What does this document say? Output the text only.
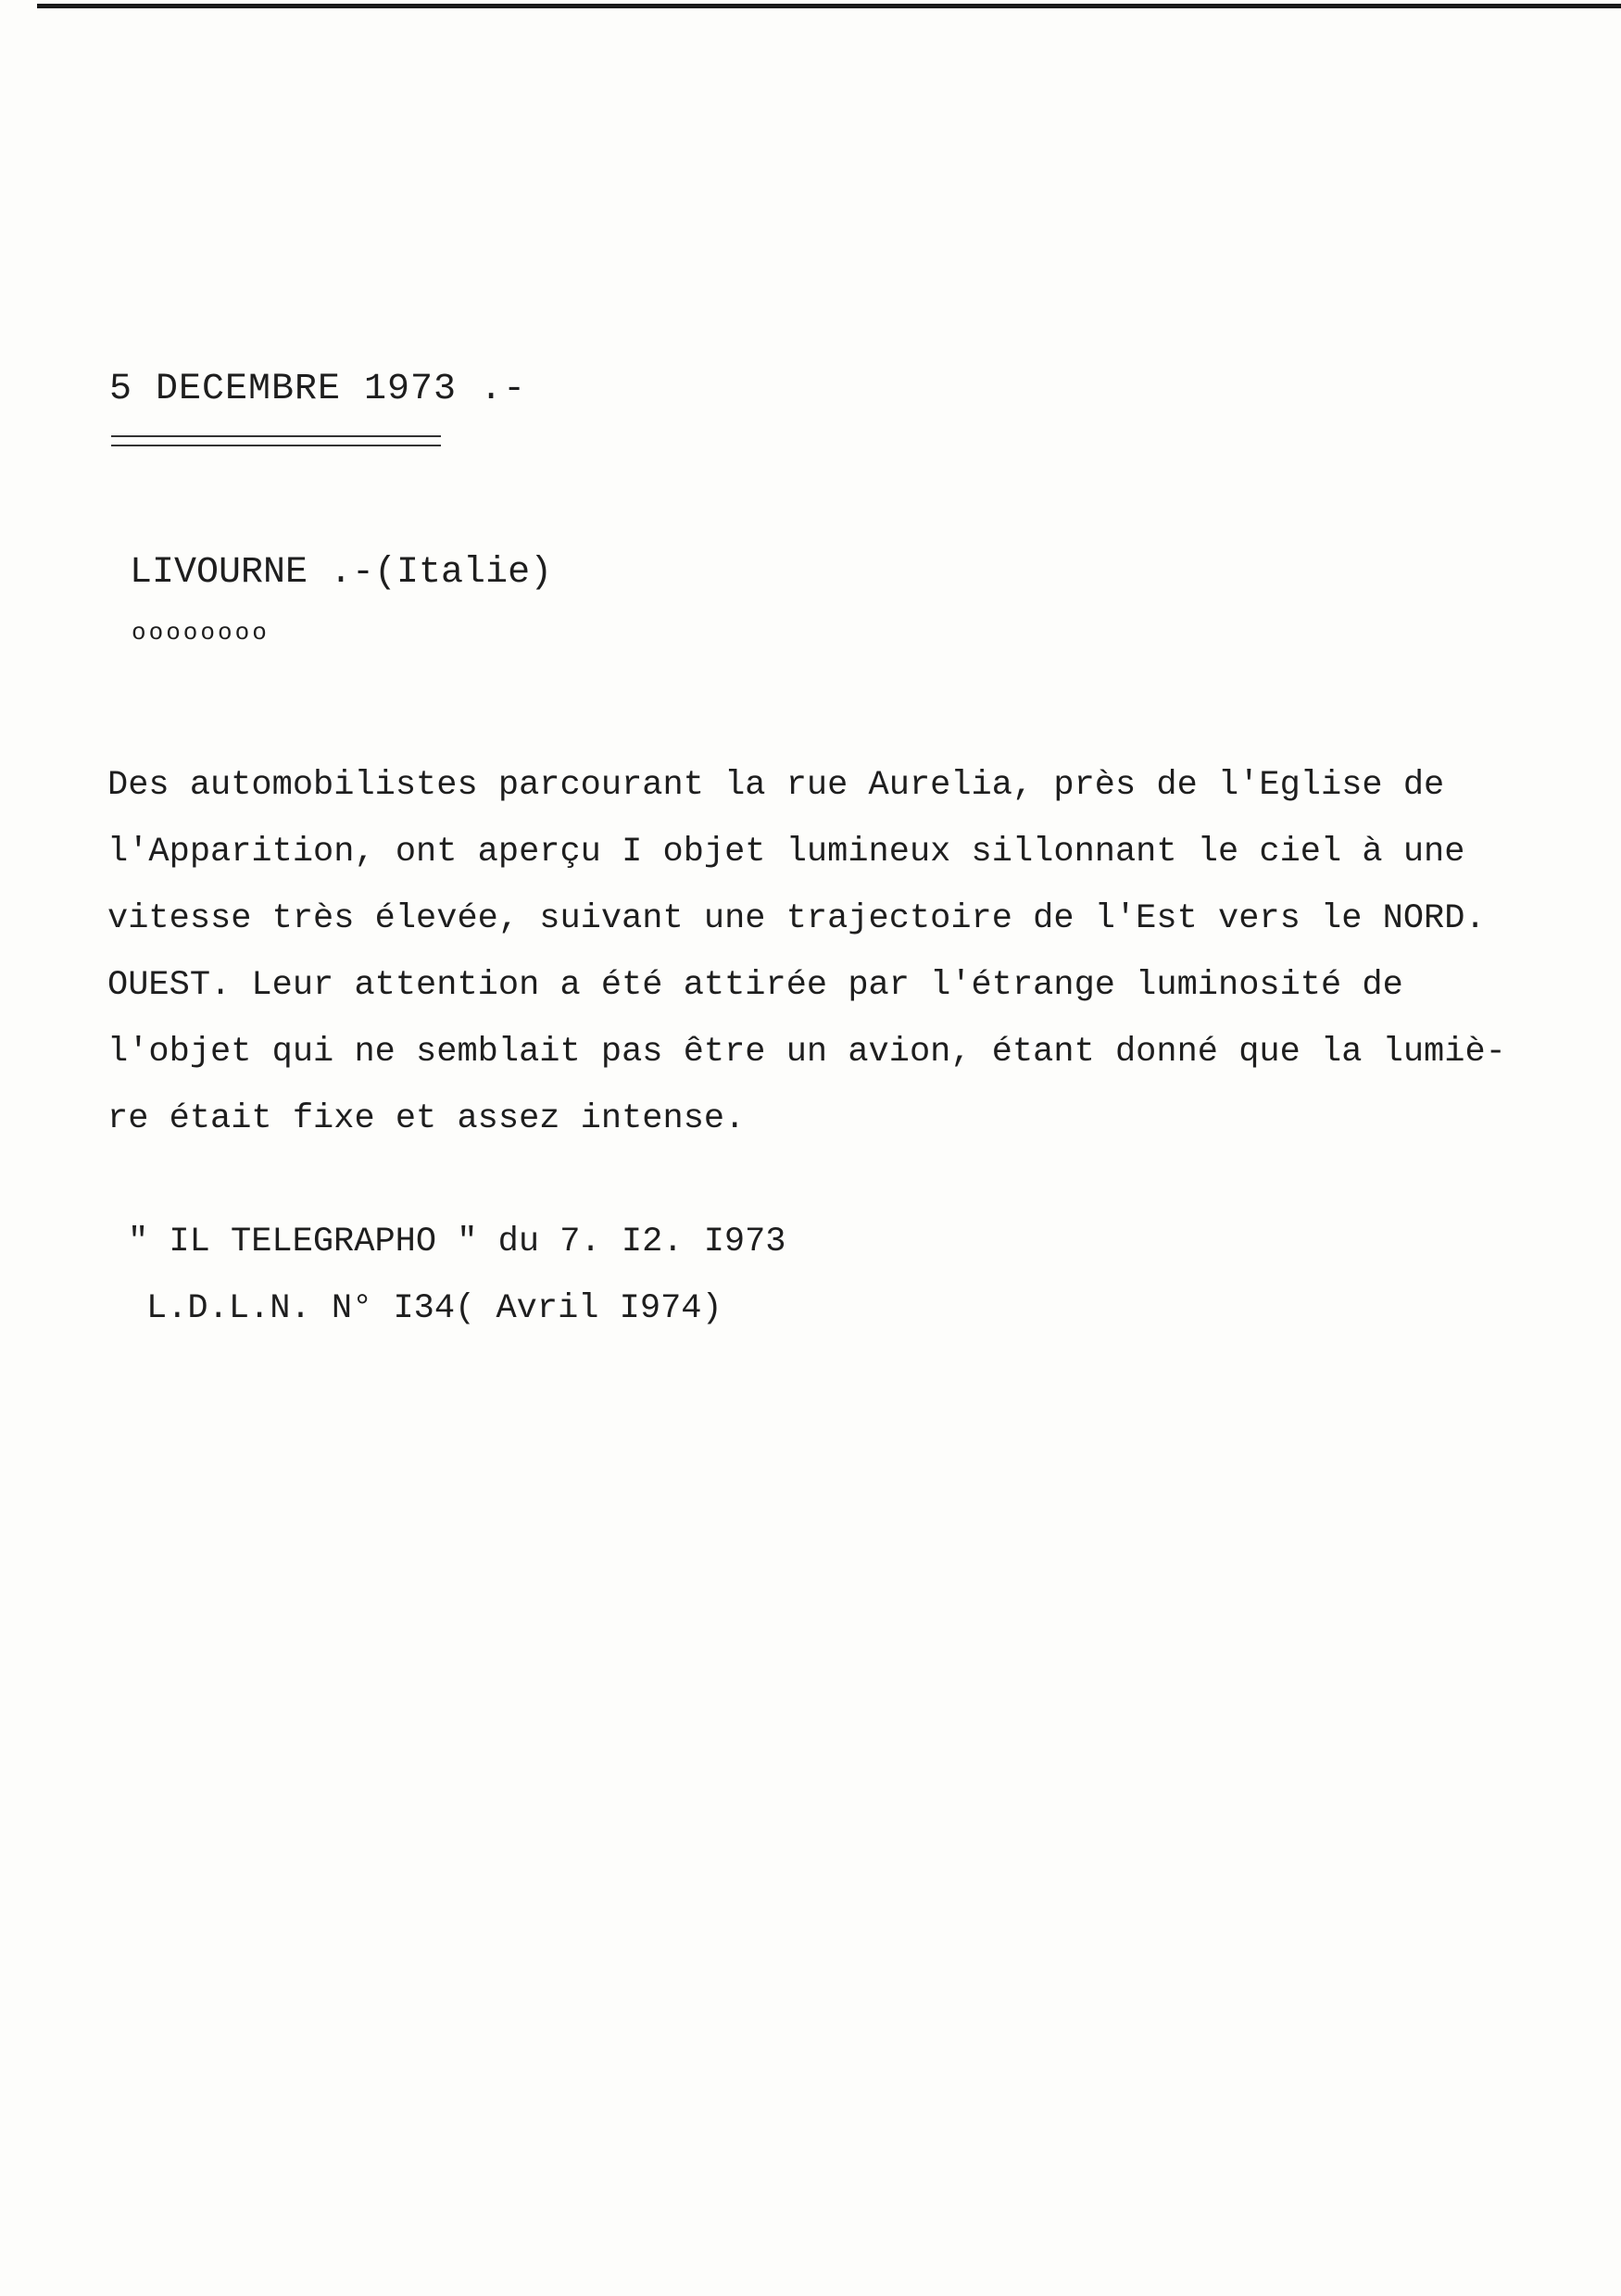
5 DECEMBRE 1973 .-
LIVOURNE .-(Italie)
oooooooo
Des automobilistes parcourant la rue Aurelia, près de l'Eglise de
l'Apparition, ont aperçu I objet lumineux sillonnant le ciel à une
vitesse très élevée, suivant une trajectoire de l'Est vers le NORD.
OUEST. Leur attention a été attirée par l'étrange luminosité de
l'objet qui ne semblait pas être un avion, étant donné que la lumiè-
re était fixe et assez intense.
" IL TELEGRAPHO " du 7. I2. I973
L.D.L.N. N° I34( Avril I974)
